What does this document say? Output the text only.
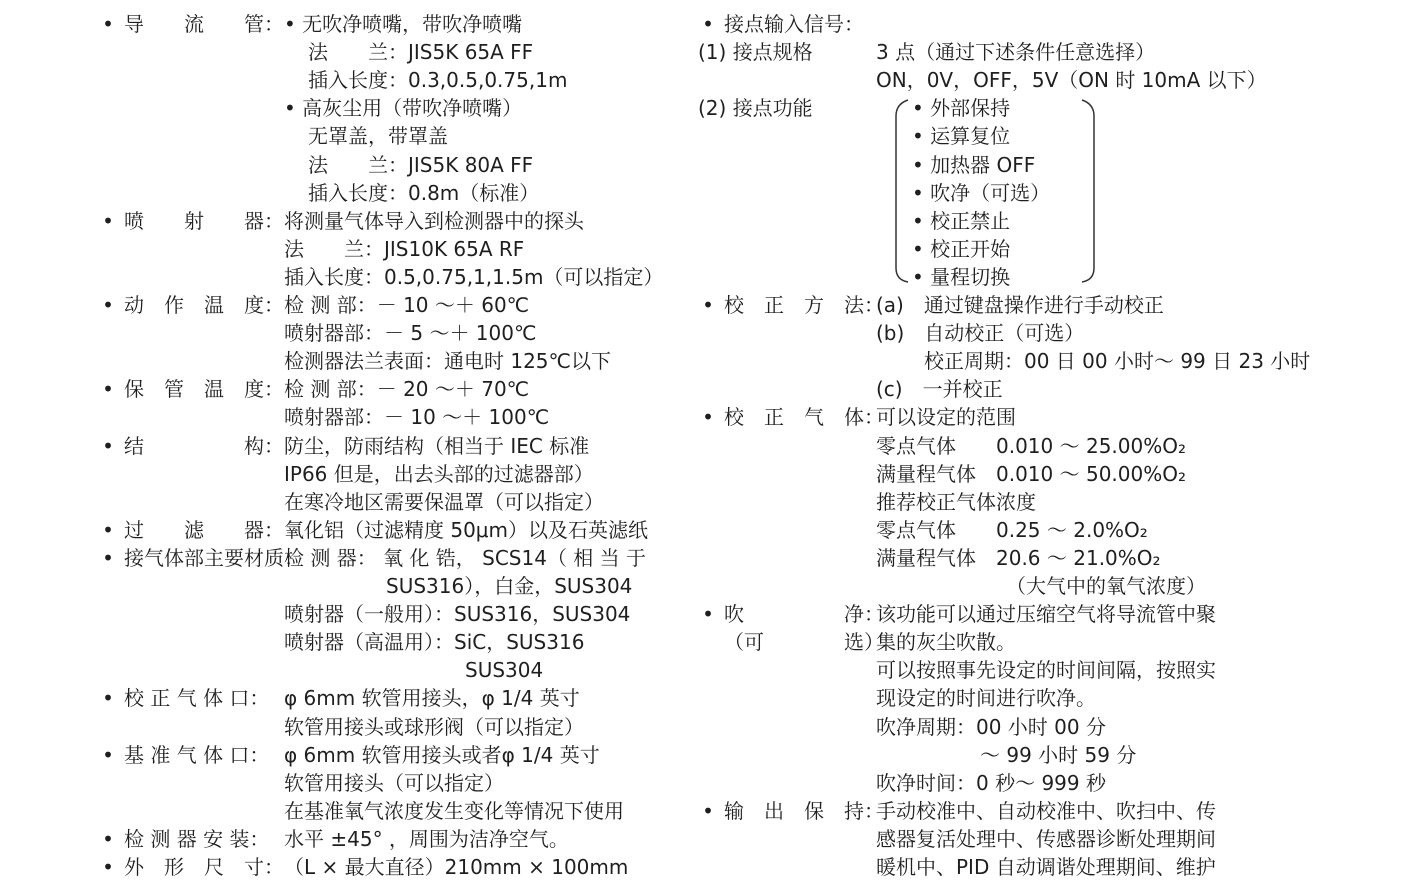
• 导　　流　　管： • 无吹净喷嘴，带吹净喷嘴
法　　兰：JIS5K 65A FF
插入长度：0.3,0.5,0.75,1m
• 高灰尘用（带吹净喷嘴）
无罩盖，带罩盖
法　　兰：JIS5K 80A FF
插入长度：0.8m（标准）
• 喷　　射　　器： 将测量气体导入到检测器中的探头
法　　兰：JIS10K 65A RF
插入长度：0.5,0.75,1,1.5m（可以指定）
• 动　作　温　度： 检 测 部：－ 10 ～＋ 60℃
喷射器部：－ 5 ～＋ 100℃
检测器法兰表面：通电时 125℃以下
• 保　管　温　度： 检 测 部：－ 20 ～＋ 70℃
喷射器部：－ 10 ～＋ 100℃
• 结　　　　　构： 防尘，防雨结构（相当于 IEC 标准
IP66 但是，出去头部的过滤器部）
在寒冷地区需要保温罩（可以指定）
• 过　　滤　　器： 氧化铝（过滤精度 50μm）以及石英滤纸
• 接气体部主要材质：
检 测 器： 氧 化 锆， SCS14（ 相 当 于
SUS316），白金，SUS304
喷射器（一般用）：SUS316，SUS304
喷射器（高温用）：SiC，SUS316
SUS304
• 校 正 气 体 口： φ 6mm 软管用接头，φ 1/4 英寸
软管用接头或球形阀（可以指定）
• 基 准 气 体 口： φ 6mm 软管用接头或者φ 1/4 英寸
软管用接头（可以指定）
在基准氧气浓度发生变化等情况下使用
• 检 测 器 安 装： 水平 ±45° ，周围为洁净空气。
• 外　形　尺　寸： （L × 最大直径）210mm × 100mm
• 接点输入信号：
(1) 接点规格	3 点（通过下述条件任意选择）
ON，0V，OFF，5V（ON 时 10mA 以下）
(2) 接点功能	• 外部保持
• 运算复位
• 加热器 OFF
• 吹净（可选）
• 校正禁止
• 校正开始
• 量程切换
• 校　正　方　法：
(a)　通过键盘操作进行手动校正
(b)　自动校正（可选）
校正周期：00 日 00 小时～ 99 日 23 小时
(c)　一并校正
• 校　正　气　体：
可以设定的范围
零点气体　　0.010 ～ 25.00%O₂
满量程气体　0.010 ～ 50.00%O₂
推荐校正气体浓度
零点气体　　0.25 ～ 2.0%O₂
满量程气体　20.6 ～ 21.0%O₂
（大气中的氧气浓度）
• 吹　　　　　净：
该功能可以通过压缩空气将导流管中聚
（可　　　　选）
集的灰尘吹散。
可以按照事先设定的时间间隔，按照实
现设定的时间进行吹净。
吹净周期：00 小时 00 分
～ 99 小时 59 分
吹净时间：0 秒～ 999 秒
• 输　出　保　持：
手动校准中、自动校准中、吹扫中、传
感器复活处理中、传感器诊断处理期间
暖机中、PID 自动调谐处理期间、维护
